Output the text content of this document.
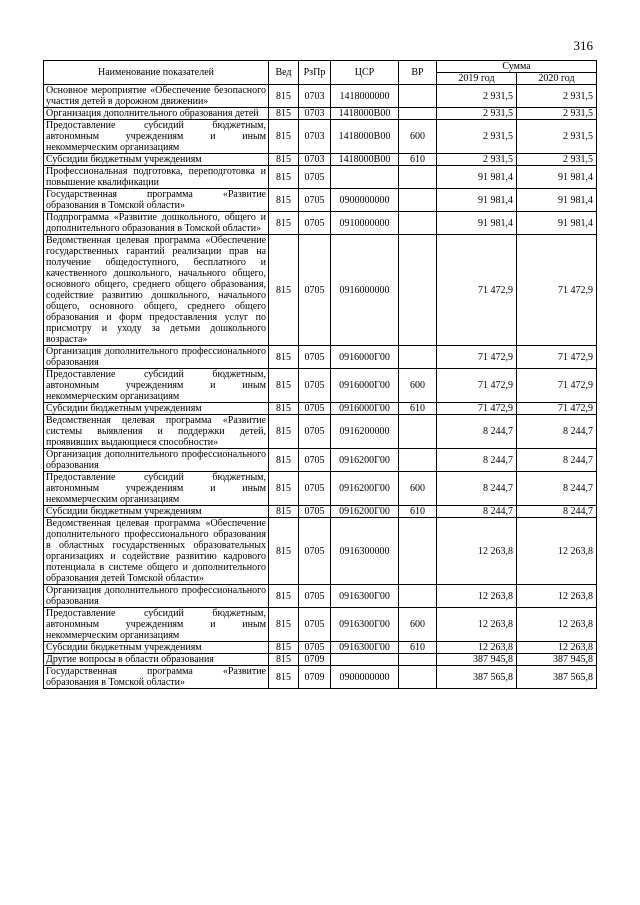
316
Наименование показателей	Вед	РзПр	ЦСР	ВР	Сумма	
					2019 год	2020 год
Основное мероприятие «Обеспечение безопасного участия детей в дорожном движении»	815	0703	1418000000		2 931,5	2 931,5
Организация дополнительного образования детей	815	0703	1418000В00		2 931,5	2 931,5
Предоставление субсидий бюджетным, автономным учреждениям и иным некоммерческим организациям	815	0703	1418000В00	600	2 931,5	2 931,5
Субсидии бюджетным учреждениям	815	0703	1418000В00	610	2 931,5	2 931,5
Профессиональная подготовка, переподготовка и повышение квалификации	815	0705			91 981,4	91 981,4
Государственная программа «Развитие образования в Томской области»	815	0705	0900000000		91 981,4	91 981,4
Подпрограмма «Развитие дошкольного, общего и дополнительного образования в Томской области»	815	0705	0910000000		91 981,4	91 981,4
Ведомственная целевая программа «Обеспечение государственных гарантий реализации прав на получение общедоступного, бесплатного и качественного дошкольного, начального общего, основного общего, среднего общего образования, содействие развитию дошкольного, начального общего, основного общего, среднего общего образования и форм предоставления услуг по присмотру и уходу за детьми дошкольного возраста»	815	0705	0916000000		71 472,9	71 472,9
Организация дополнительного профессионального образования	815	0705	0916000Г00		71 472,9	71 472,9
Предоставление субсидий бюджетным, автономным учреждениям и иным некоммерческим организациям	815	0705	0916000Г00	600	71 472,9	71 472,9
Субсидии бюджетным учреждениям	815	0705	0916000Г00	610	71 472,9	71 472,9
Ведомственная целевая программа «Развитие системы выявления и поддержки детей, проявивших выдающиеся способности»	815	0705	0916200000		8 244,7	8 244,7
Организация дополнительного профессионального образования	815	0705	0916200Г00		8 244,7	8 244,7
Предоставление субсидий бюджетным, автономным учреждениям и иным некоммерческим организациям	815	0705	0916200Г00	600	8 244,7	8 244,7
Субсидии бюджетным учреждениям	815	0705	0916200Г00	610	8 244,7	8 244,7
Ведомственная целевая программа «Обеспечение дополнительного профессионального образования в областных государственных образовательных организациях и содействие развитию кадрового потенциала в системе общего и дополнительного образования детей Томской области»	815	0705	0916300000		12 263,8	12 263,8
Организация дополнительного профессионального образования	815	0705	0916300Г00		12 263,8	12 263,8
Предоставление субсидий бюджетным, автономным учреждениям и иным некоммерческим организациям	815	0705	0916300Г00	600	12 263,8	12 263,8
Субсидии бюджетным учреждениям	815	0705	0916300Г00	610	12 263,8	12 263,8
Другие вопросы в области образования	815	0709			387 945,8	387 945,8
Государственная программа «Развитие образования в Томской области»	815	0709	0900000000		387 565,8	387 565,8
